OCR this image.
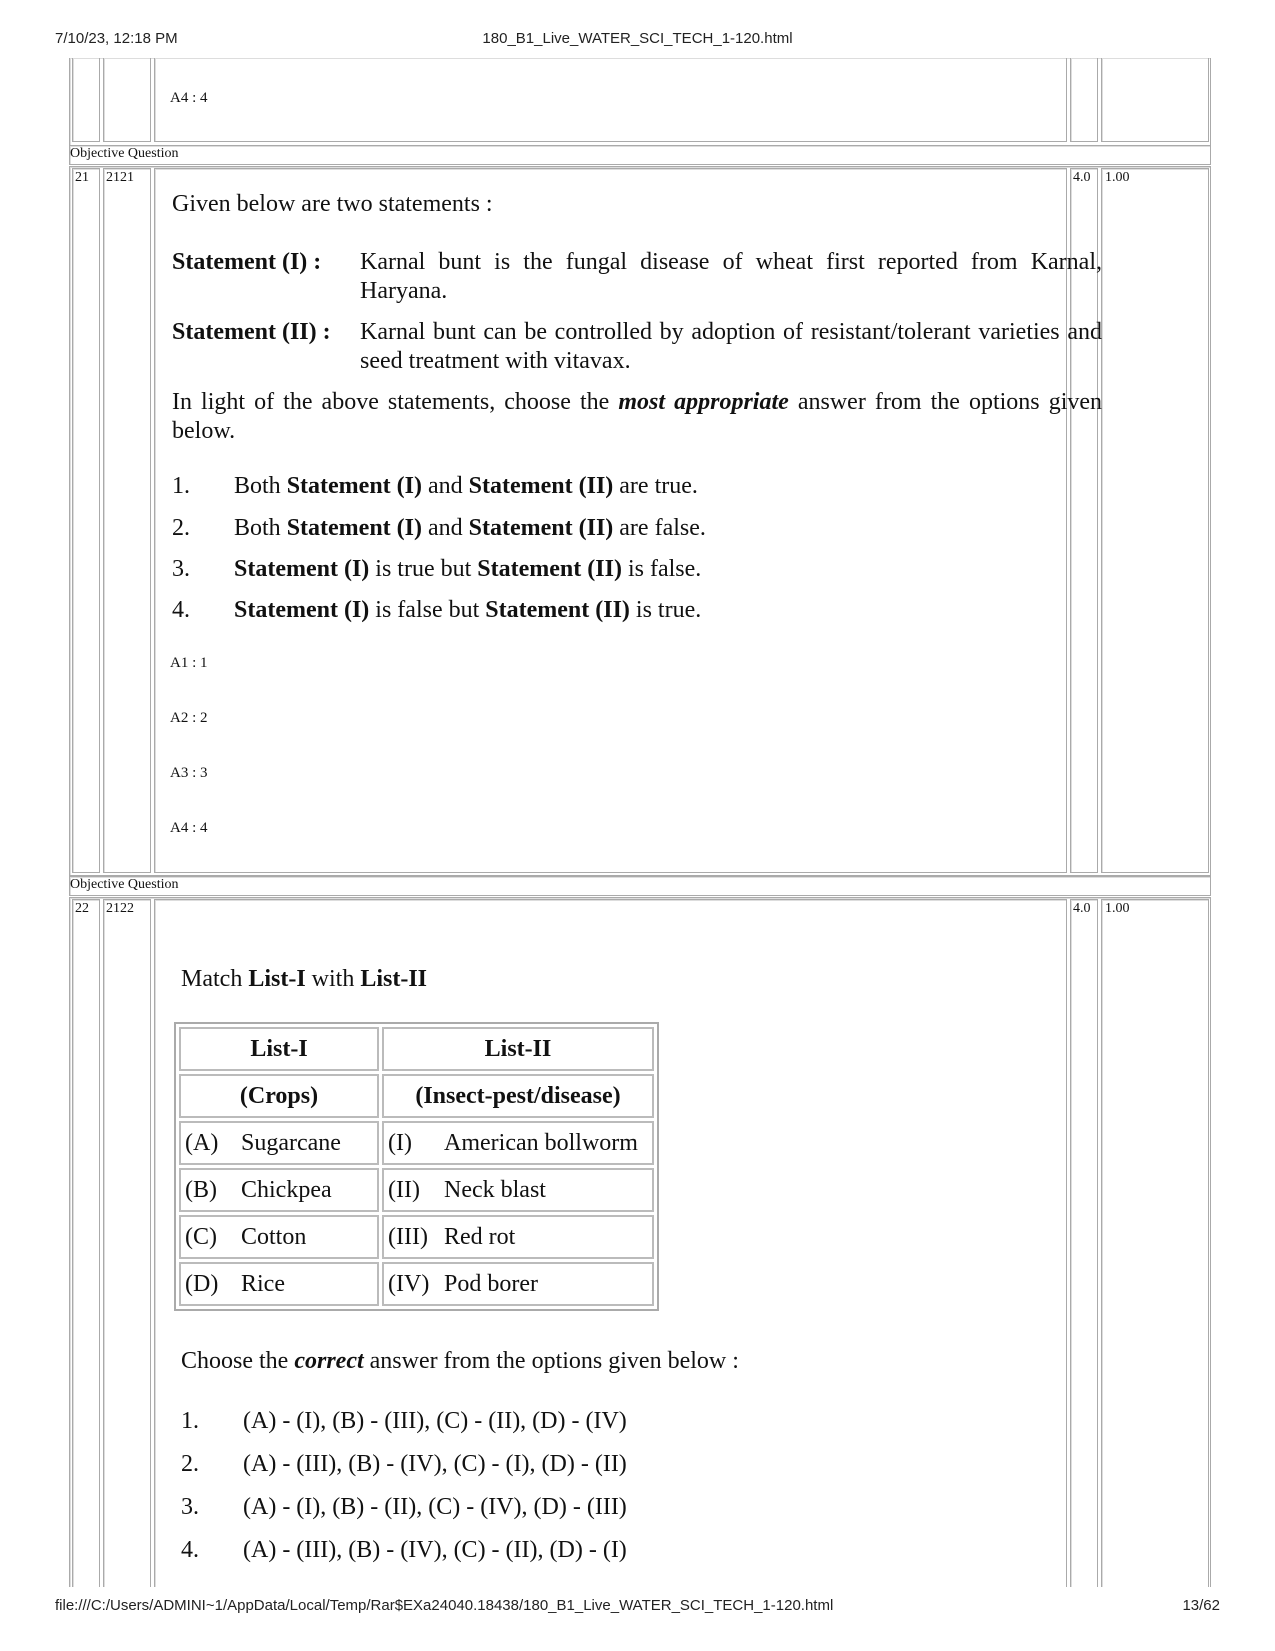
7/10/23, 12:18 PM	180_B1_Live_WATER_SCI_TECH_1-120.html
A4 : 4
Objective Question
21 2121	4.0 1.00
Given below are two statements :
Statement (I) : Karnal bunt is the fungal disease of wheat first reported from Karnal, Haryana.
Statement (II) : Karnal bunt can be controlled by adoption of resistant/tolerant varieties and seed treatment with vitavax.
In light of the above statements, choose the most appropriate answer from the options given below.
1. Both Statement (I) and Statement (II) are true.
2. Both Statement (I) and Statement (II) are false.
3. Statement (I) is true but Statement (II) is false.
4. Statement (I) is false but Statement (II) is true.
A1 : 1
A2 : 2
A3 : 3
A4 : 4
Objective Question
22 2122	4.0 1.00
Match List-I with List-II
List-I	List-II
(Crops)	(Insect-pest/disease)
(A) Sugarcane	(I) American bollworm
(B) Chickpea	(II) Neck blast
(C) Cotton	(III) Red rot
(D) Rice	(IV) Pod borer
Choose the correct answer from the options given below :
1. (A) - (I), (B) - (III), (C) - (II), (D) - (IV)
2. (A) - (III), (B) - (IV), (C) - (I), (D) - (II)
3. (A) - (I), (B) - (II), (C) - (IV), (D) - (III)
4. (A) - (III), (B) - (IV), (C) - (II), (D) - (I)
file:///C:/Users/ADMINI~1/AppData/Local/Temp/Rar$EXa24040.18438/180_B1_Live_WATER_SCI_TECH_1-120.html	13/62
